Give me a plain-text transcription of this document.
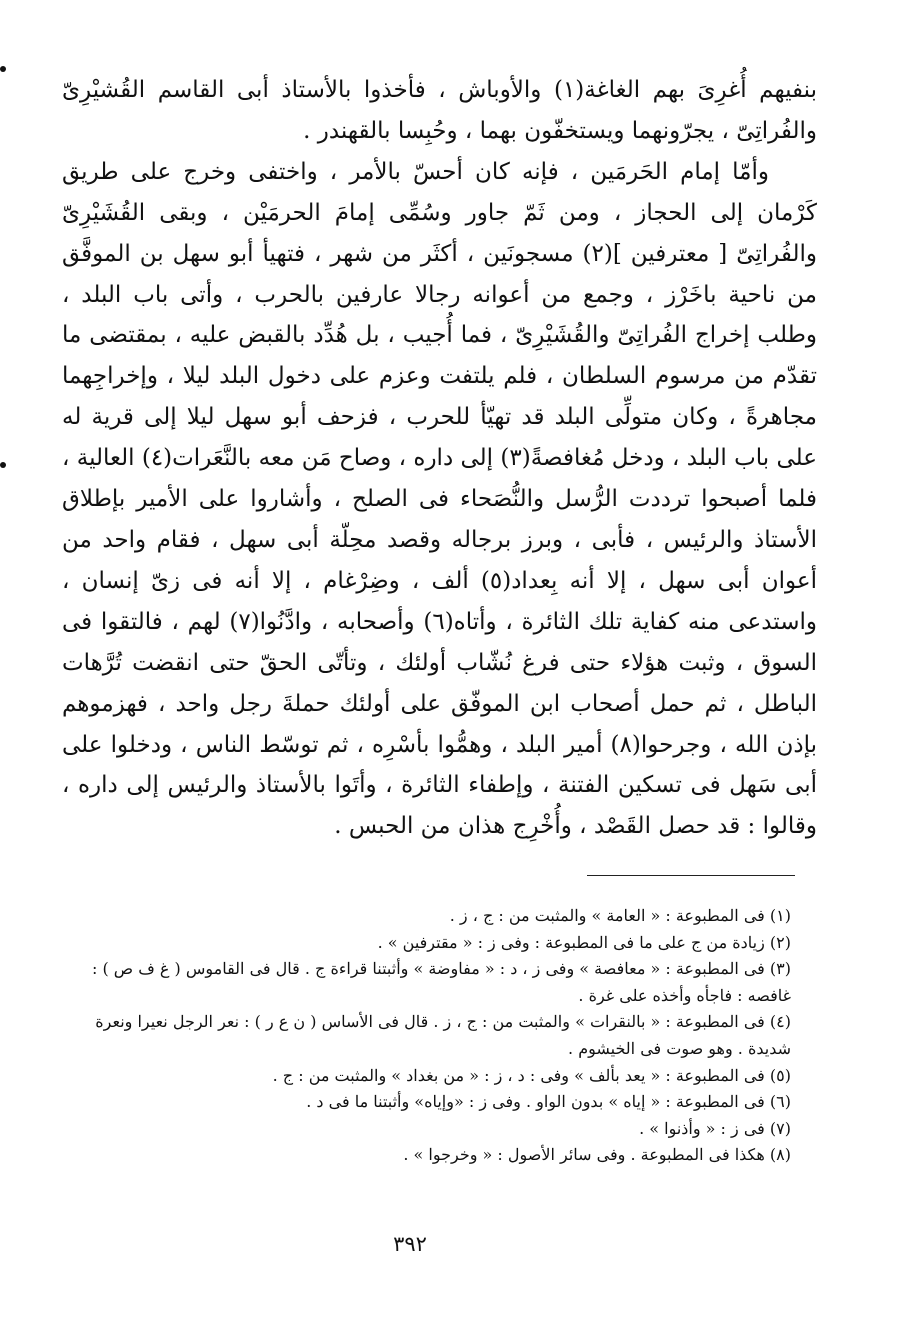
بنفيهم أُغرِىَ بهم الغاغة(١) والأوباش ، فأخذوا بالأستاذ أبى القاسم القُشيْرِىّ والفُراتِىّ ، يجرّونهما ويستخفّون بهما ، وحُبِسا بالقهندر .

وأمّا إمام الحَرمَين ، فإنه كان أحسّ بالأمر ، واختفى وخرج على طريق كَرْمان إلى الحجاز ، ومن ثَمّ جاور وسُمِّى إمامَ الحرمَيْن ، وبقى القُشَيْرِىّ والفُراتِىّ [ معترفين ](٢) مسجونَين ، أكثَر من شهر ، فتهيأ أبو سهل بن الموفَّق من ناحية باخَرْز ، وجمع من أعوانه رجالا عارفين بالحرب ، وأتى باب البلد ، وطلب إخراج الفُراتِىّ والقُشَيْرِىّ ، فما أُجيب ، بل هُدِّد بالقبض عليه ، بمقتضى ما تقدّم من مرسوم السلطان ، فلم يلتفت وعزم على دخول البلد ليلا ، وإخراجِهما مجاهرةً ، وكان متولِّى البلد قد تهيّأ للحرب ، فزحف أبو سهل ليلا إلى قرية له على باب البلد ، ودخل مُغافصةً(٣) إلى داره ، وصاح مَن معه بالنَّعَرات(٤) العالية ، فلما أصبحوا ترددت الرُّسل والنُّصَحاء فى الصلح ، وأشاروا على الأمير بإطلاق الأستاذ والرئيس ، فأبى ، وبرز برجاله وقصد محِلّة أبى سهل ، فقام واحد من أعوان أبى سهل ، إلا أنه بِعداد(٥) ألف ، وضِرْغام ، إلا أنه فى زىّ إنسان ، واستدعى منه كفاية تلك الثائرة ، وأتاه(٦) وأصحابه ، وادَّنُوا(٧) لهم ، فالتقوا فى السوق ، وثبت هؤلاء حتى فرغ نُشّاب أولئك ، وتأتّى الحقّ حتى انقضت تُرَّهات الباطل ، ثم حمل أصحاب ابن الموفّق على أولئك حملةَ رجل واحد ، فهزموهم بإذن الله ، وجرحوا(٨) أمير البلد ، وهمُّوا بأسْرِه ، ثم توسّط الناس ، ودخلوا على أبى سَهل فى تسكين الفتنة ، وإطفاء الثائرة ، وأتَوا بالأستاذ والرئيس إلى داره ، وقالوا : قد حصل القَصْد ، وأُخْرِج هذان من الحبس .

(١) فى المطبوعة : « العامة » والمثبت من : ج ، ز .

(٢) زيادة من ج على ما فى المطبوعة : وفى ز : « مقترفين » .

(٣) فى المطبوعة : « معافصة » وفى ز ، د : « مفاوضة » وأثبتنا قراءة ج . قال فى القاموس ( غ ف ص ) :

غافصه : فاجأه وأخذه على غرة .

(٤) فى المطبوعة : « بالنقرات » والمثبت من : ج ، ز . قال فى الأساس ( ن ع ر ) : نعر الرجل نعيرا ونعرة

شديدة . وهو صوت فى الخيشوم .

(٥) فى المطبوعة : « يعد بألف » وفى : د ، ز : « من بغداد » والمثبت من : ج .

(٦) فى المطبوعة : « إياه » بدون الواو . وفى ز : «وإياه» وأثبتنا ما فى د .

(٧) فى ز : « وأذنوا » .

(٨) هكذا فى المطبوعة . وفى سائر الأصول : « وخرجوا » .

٣٩٢
